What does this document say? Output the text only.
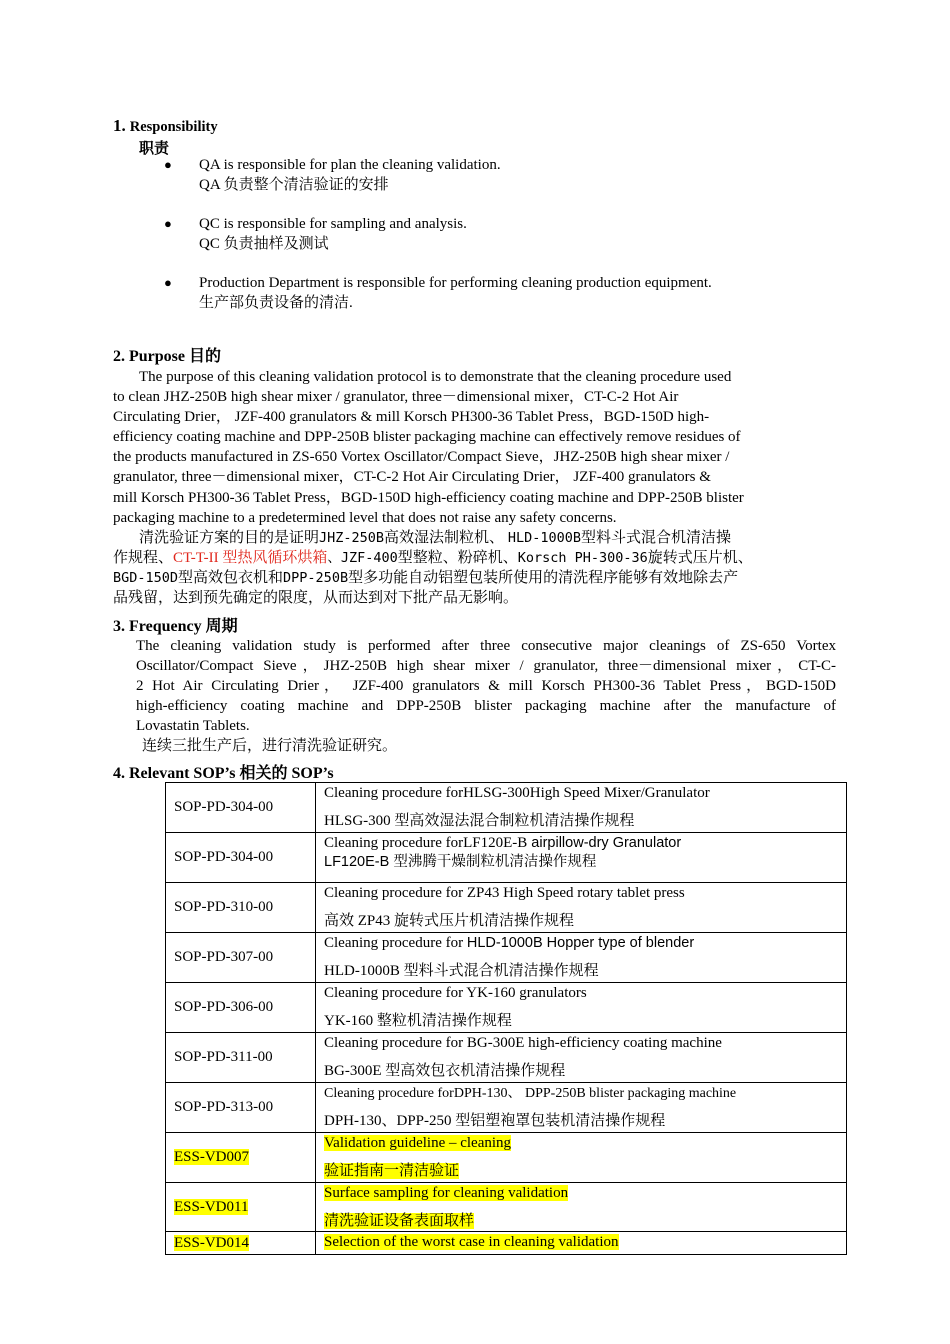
1. Responsibility
职责
● QA is responsible for plan the cleaning validation.
QA 负责整个清洁验证的安排
● QC is responsible for sampling and analysis.
QC 负责抽样及测试
● Production Department is responsible for performing cleaning production equipment.
生产部负责设备的清洁.
2. Purpose 目的
The purpose of this cleaning validation protocol is to demonstrate that the cleaning procedure used
to clean JHZ-250B high shear mixer / granulator, three－dimensional mixer，CT-C-2 Hot Air
Circulating Drier， JZF-400 granulators & mill Korsch PH300-36 Tablet Press，BGD-150D high-
efficiency coating machine and DPP-250B blister packaging machine can effectively remove residues of
the products manufactured in ZS-650 Vortex Oscillator/Compact Sieve，JHZ-250B high shear mixer /
granulator, three－dimensional mixer，CT-C-2 Hot Air Circulating Drier， JZF-400 granulators &
mill Korsch PH300-36 Tablet Press，BGD-150D high-efficiency coating machine and DPP-250B blister
packaging machine to a predetermined level that does not raise any safety concerns.
清洗验证方案的目的是证明JHZ-250B高效湿法制粒机、 HLD-1000B型料斗式混合机清洁操
作规程、CT-T-II 型热风循环烘箱、JZF-400型整粒、粉碎机、Korsch PH-300-36旋转式压片机、
BGD-150D型高效包衣机和DPP-250B型多功能自动铝塑包装所使用的清洗程序能够有效地除去产
品残留，达到预先确定的限度，从而达到对下批产品无影响。
3. Frequency 周期
The cleaning validation study is performed after three consecutive major cleanings of ZS-650 Vortex
Oscillator/Compact Sieve，JHZ-250B high shear mixer / granulator, three－dimensional mixer，CT-C-
2 Hot Air Circulating Drier， JZF-400 granulators & mill Korsch PH300-36 Tablet Press，BGD-150D
high-efficiency coating machine and DPP-250B blister packaging machine after the manufacture of
Lovastatin Tablets.
连续三批生产后，进行清洗验证研究。
4. Relevant SOP’s 相关的 SOP’s
SOP-PD-304-00	Cleaning procedure forHLSG-300High Speed Mixer/Granulator
HLSG-300 型高效湿法混合制粒机清洁操作规程
SOP-PD-304-00	Cleaning procedure forLF120E-B airpillow-dry Granulator
LF120E-B 型沸腾干燥制粒机清洁操作规程
SOP-PD-310-00	Cleaning procedure for ZP43 High Speed rotary tablet press
高效 ZP43 旋转式压片机清洁操作规程
SOP-PD-307-00	Cleaning procedure for HLD-1000B Hopper type of blender
HLD-1000B 型料斗式混合机清洁操作规程
SOP-PD-306-00	Cleaning procedure for YK-160 granulators
YK-160 整粒机清洁操作规程
SOP-PD-311-00	Cleaning procedure for BG-300E high-efficiency coating machine
BG-300E 型高效包衣机清洁操作规程
SOP-PD-313-00	Cleaning procedure forDPH-130、 DPP-250B blister packaging machine
DPH-130、DPP-250 型铝塑袍罩包装机清洁操作规程
ESS-VD007	Validation guideline – cleaning
验证指南一清洁验证
ESS-VD011	Surface sampling for cleaning validation
清洗验证设备表面取样
ESS-VD014	Selection of the worst case in cleaning validation
